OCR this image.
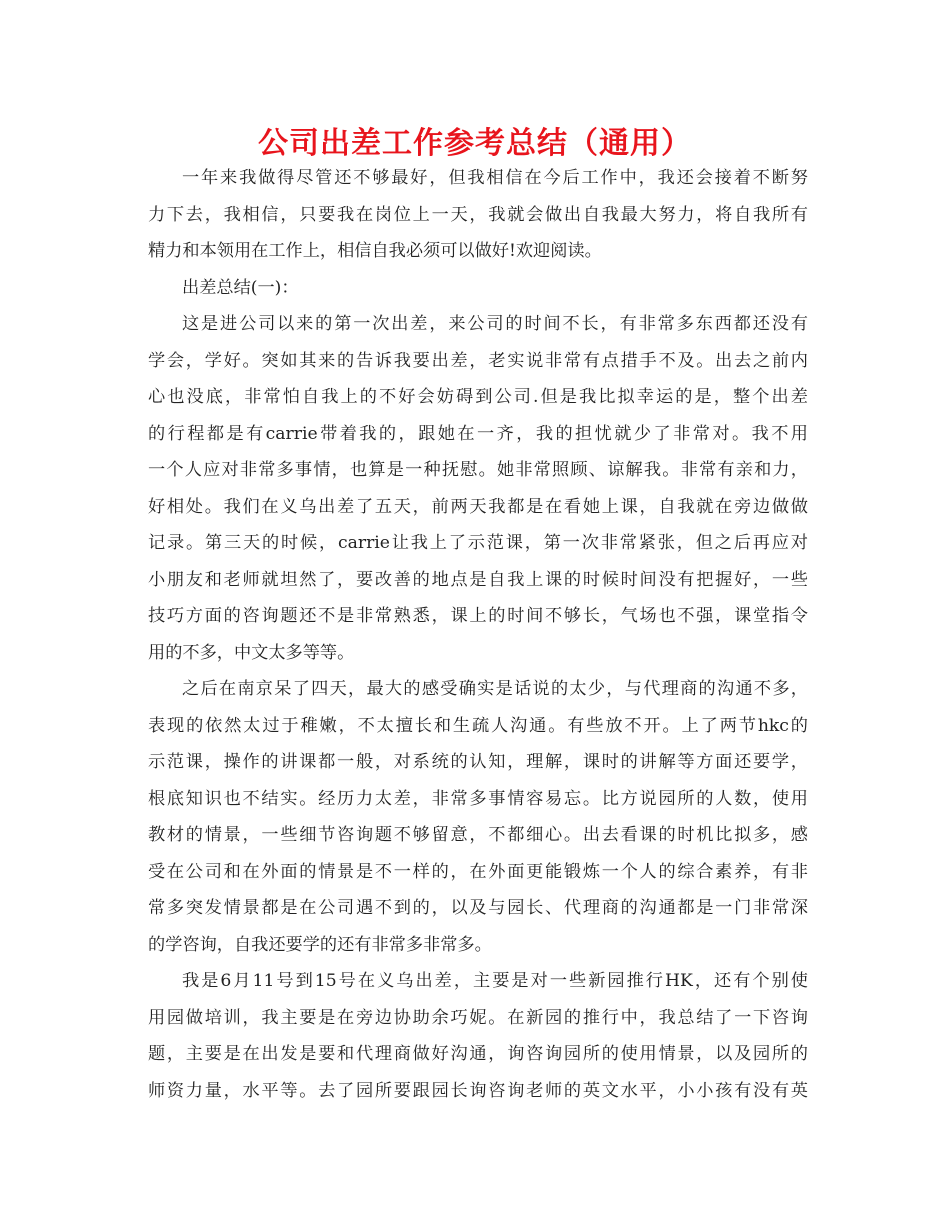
公司出差工作参考总结（通用）
一年来我做得尽管还不够最好，但我相信在今后工作中，我还会接着不断努
力下去，我相信，只要我在岗位上一天，我就会做出自我最大努力，将自我所有
精力和本领用在工作上，相信自我必须可以做好!欢迎阅读。
出差总结(一)：
这是进公司以来的第一次出差，来公司的时间不长，有非常多东西都还没有
学会，学好。突如其来的告诉我要出差，老实说非常有点措手不及。出去之前内
心也没底，非常怕自我上的不好会妨碍到公司.但是我比拟幸运的是，整个出差
的行程都是有carrie带着我的，跟她在一齐，我的担忧就少了非常对。我不用
一个人应对非常多事情，也算是一种抚慰。她非常照顾、谅解我。非常有亲和力，
好相处。我们在义乌出差了五天，前两天我都是在看她上课，自我就在旁边做做
记录。第三天的时候，carrie让我上了示范课，第一次非常紧张，但之后再应对
小朋友和老师就坦然了，要改善的地点是自我上课的时候时间没有把握好，一些
技巧方面的咨询题还不是非常熟悉，课上的时间不够长，气场也不强，课堂指令
用的不多，中文太多等等。
之后在南京呆了四天，最大的感受确实是话说的太少，与代理商的沟通不多，
表现的依然太过于稚嫩，不太擅长和生疏人沟通。有些放不开。上了两节hkc的
示范课，操作的讲课都一般，对系统的认知，理解，课时的讲解等方面还要学，
根底知识也不结实。经历力太差，非常多事情容易忘。比方说园所的人数，使用
教材的情景，一些细节咨询题不够留意，不都细心。出去看课的时机比拟多，感
受在公司和在外面的情景是不一样的，在外面更能锻炼一个人的综合素养，有非
常多突发情景都是在公司遇不到的，以及与园长、代理商的沟通都是一门非常深
的学咨询，自我还要学的还有非常多非常多。
我是6月11号到15号在义乌出差，主要是对一些新园推行HK，还有个别使
用园做培训，我主要是在旁边协助余巧妮。在新园的推行中，我总结了一下咨询
题，主要是在出发是要和代理商做好沟通，询咨询园所的使用情景，以及园所的
师资力量，水平等。去了园所要跟园长询咨询老师的英文水平，小小孩有没有英
